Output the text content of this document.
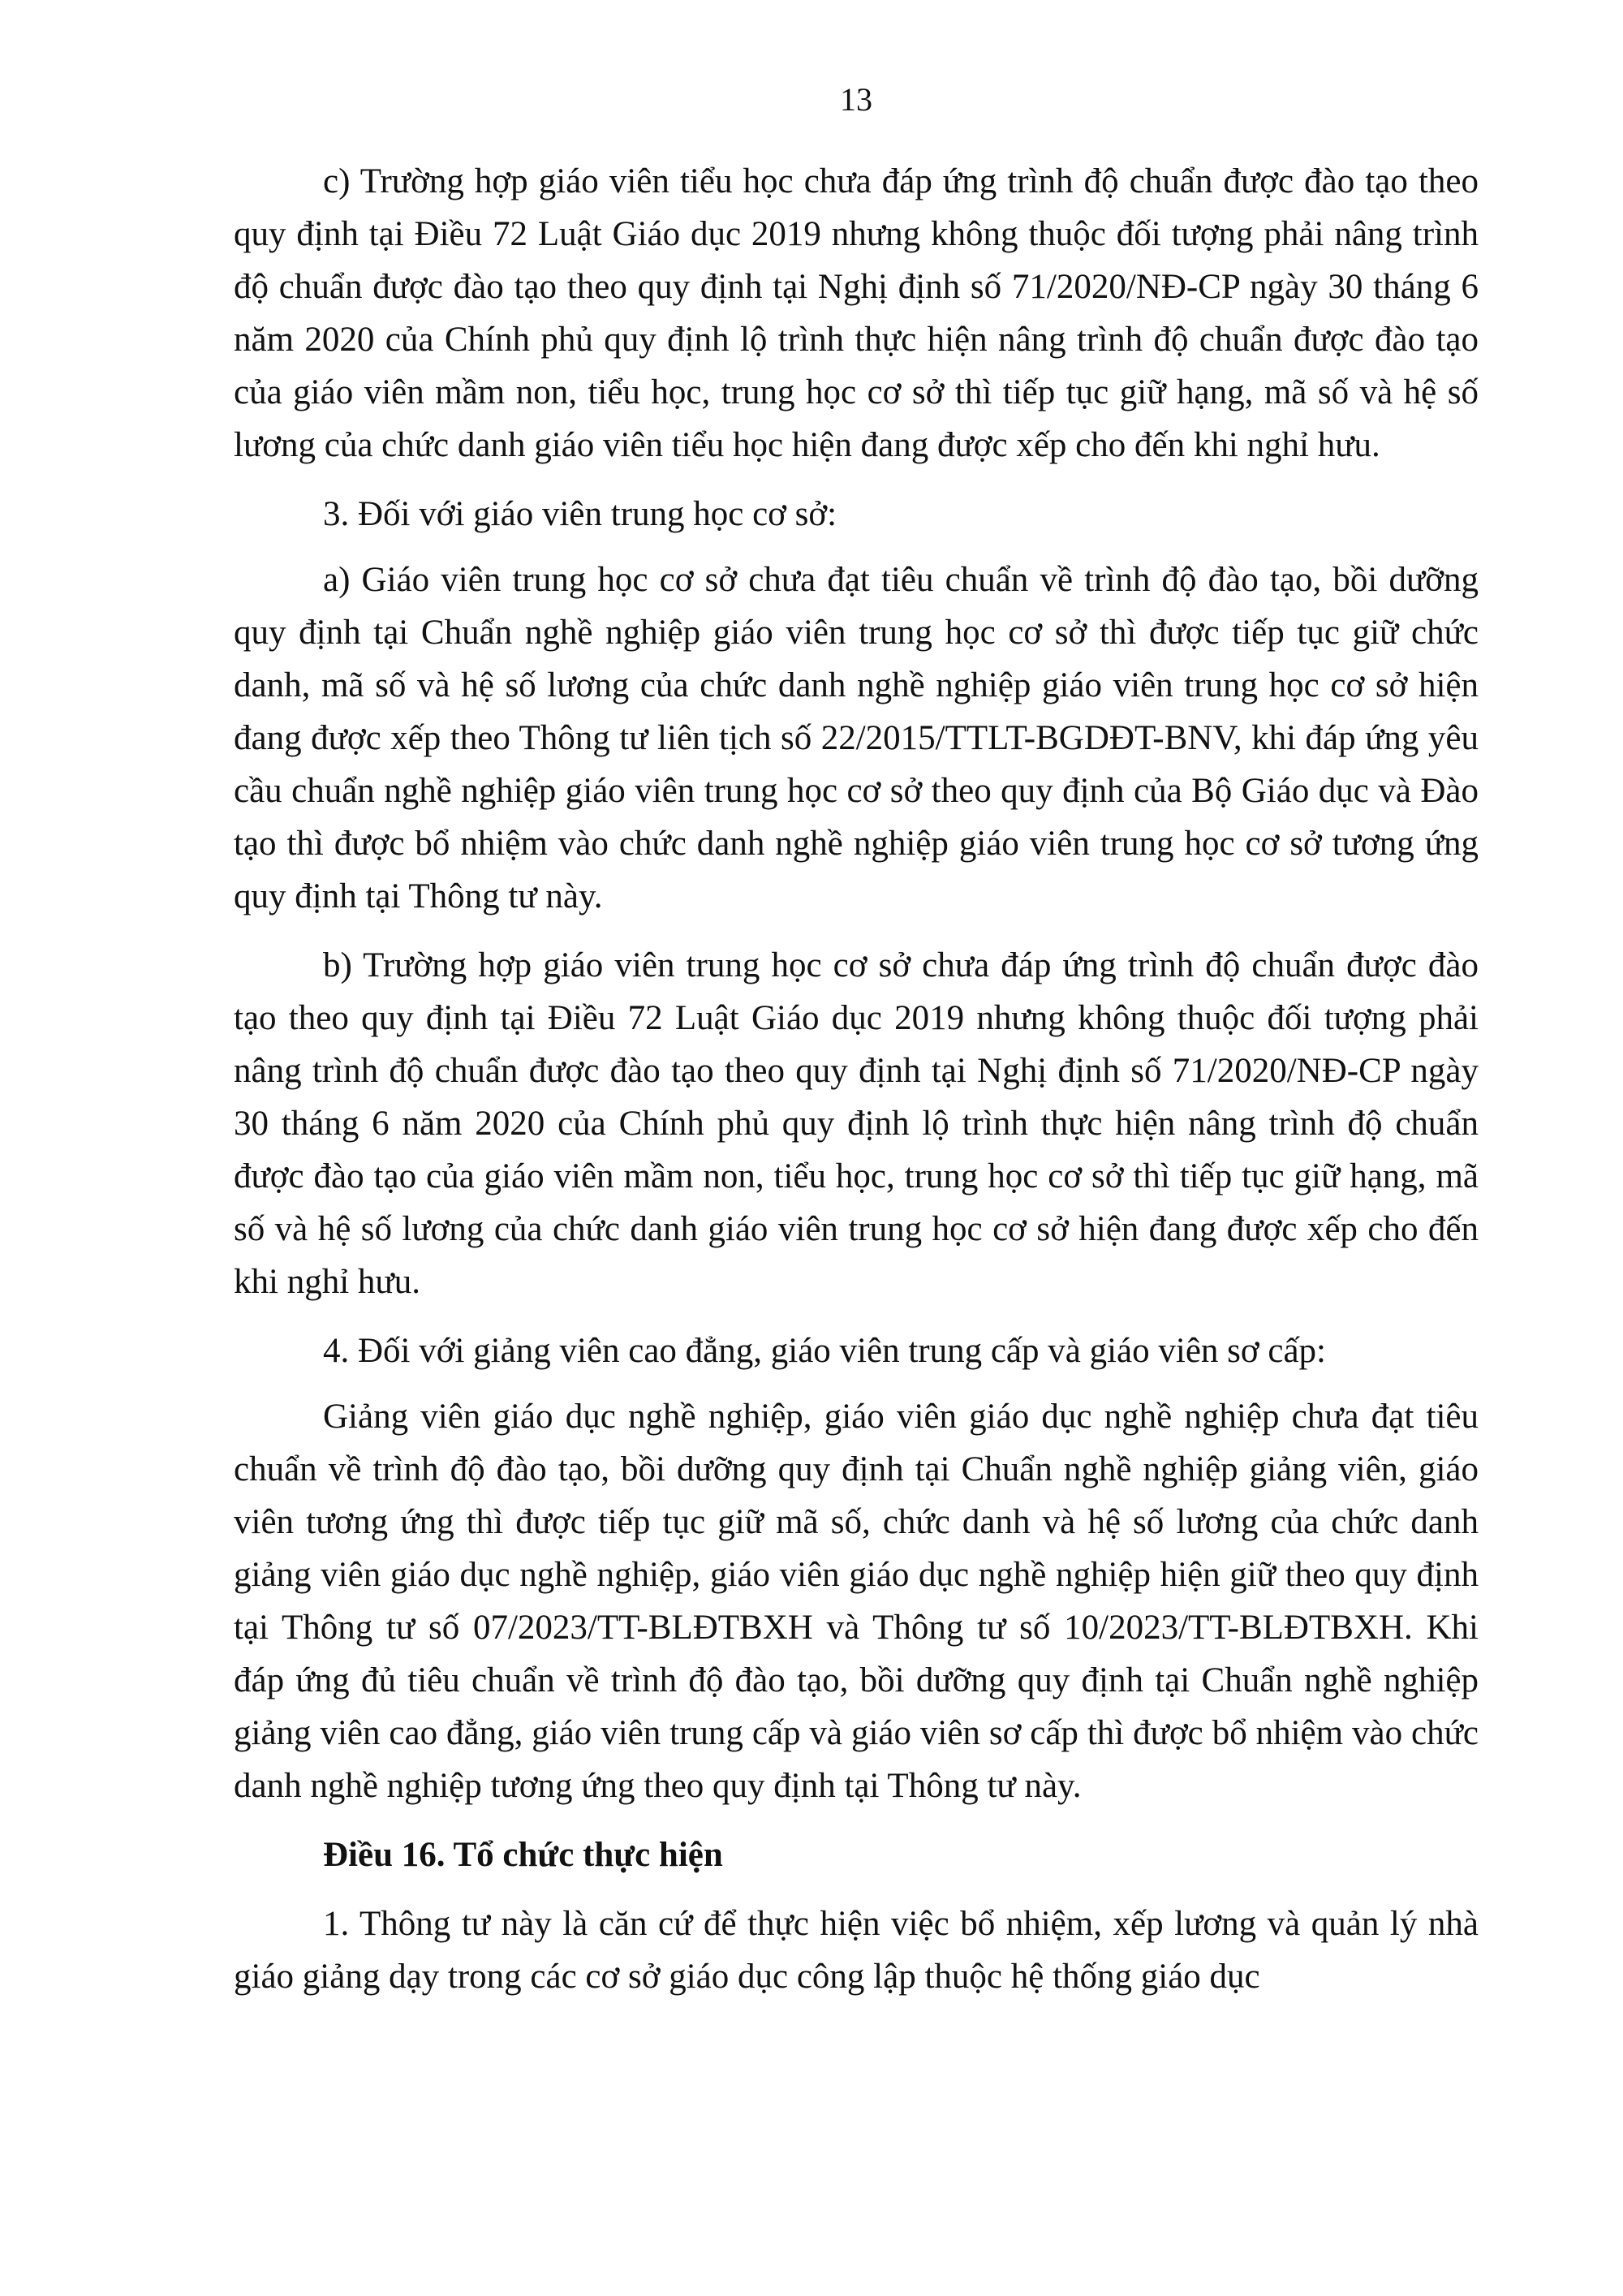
13

c) Trường hợp giáo viên tiểu học chưa đáp ứng trình độ chuẩn được đào tạo theo quy định tại Điều 72 Luật Giáo dục 2019 nhưng không thuộc đối tượng phải nâng trình độ chuẩn được đào tạo theo quy định tại Nghị định số 71/2020/NĐ-CP ngày 30 tháng 6 năm 2020 của Chính phủ quy định lộ trình thực hiện nâng trình độ chuẩn được đào tạo của giáo viên mầm non, tiểu học, trung học cơ sở thì tiếp tục giữ hạng, mã số và hệ số lương của chức danh giáo viên tiểu học hiện đang được xếp cho đến khi nghỉ hưu.

3. Đối với giáo viên trung học cơ sở:

a) Giáo viên trung học cơ sở chưa đạt tiêu chuẩn về trình độ đào tạo, bồi dưỡng quy định tại Chuẩn nghề nghiệp giáo viên trung học cơ sở thì được tiếp tục giữ chức danh, mã số và hệ số lương của chức danh nghề nghiệp giáo viên trung học cơ sở hiện đang được xếp theo Thông tư liên tịch số 22/2015/TTLT-BGDĐT-BNV, khi đáp ứng yêu cầu chuẩn nghề nghiệp giáo viên trung học cơ sở theo quy định của Bộ Giáo dục và Đào tạo thì được bổ nhiệm vào chức danh nghề nghiệp giáo viên trung học cơ sở tương ứng quy định tại Thông tư này.

b) Trường hợp giáo viên trung học cơ sở chưa đáp ứng trình độ chuẩn được đào tạo theo quy định tại Điều 72 Luật Giáo dục 2019 nhưng không thuộc đối tượng phải nâng trình độ chuẩn được đào tạo theo quy định tại Nghị định số 71/2020/NĐ-CP ngày 30 tháng 6 năm 2020 của Chính phủ quy định lộ trình thực hiện nâng trình độ chuẩn được đào tạo của giáo viên mầm non, tiểu học, trung học cơ sở thì tiếp tục giữ hạng, mã số và hệ số lương của chức danh giáo viên trung học cơ sở hiện đang được xếp cho đến khi nghỉ hưu.

4. Đối với giảng viên cao đẳng, giáo viên trung cấp và giáo viên sơ cấp:

Giảng viên giáo dục nghề nghiệp, giáo viên giáo dục nghề nghiệp chưa đạt tiêu chuẩn về trình độ đào tạo, bồi dưỡng quy định tại Chuẩn nghề nghiệp giảng viên, giáo viên tương ứng thì được tiếp tục giữ mã số, chức danh và hệ số lương của chức danh giảng viên giáo dục nghề nghiệp, giáo viên giáo dục nghề nghiệp hiện giữ theo quy định tại Thông tư số 07/2023/TT-BLĐTBXH và Thông tư số 10/2023/TT-BLĐTBXH. Khi đáp ứng đủ tiêu chuẩn về trình độ đào tạo, bồi dưỡng quy định tại Chuẩn nghề nghiệp giảng viên cao đẳng, giáo viên trung cấp và giáo viên sơ cấp thì được bổ nhiệm vào chức danh nghề nghiệp tương ứng theo quy định tại Thông tư này.

Điều 16. Tổ chức thực hiện

1. Thông tư này là căn cứ để thực hiện việc bổ nhiệm, xếp lương và quản lý nhà giáo giảng dạy trong các cơ sở giáo dục công lập thuộc hệ thống giáo dục
